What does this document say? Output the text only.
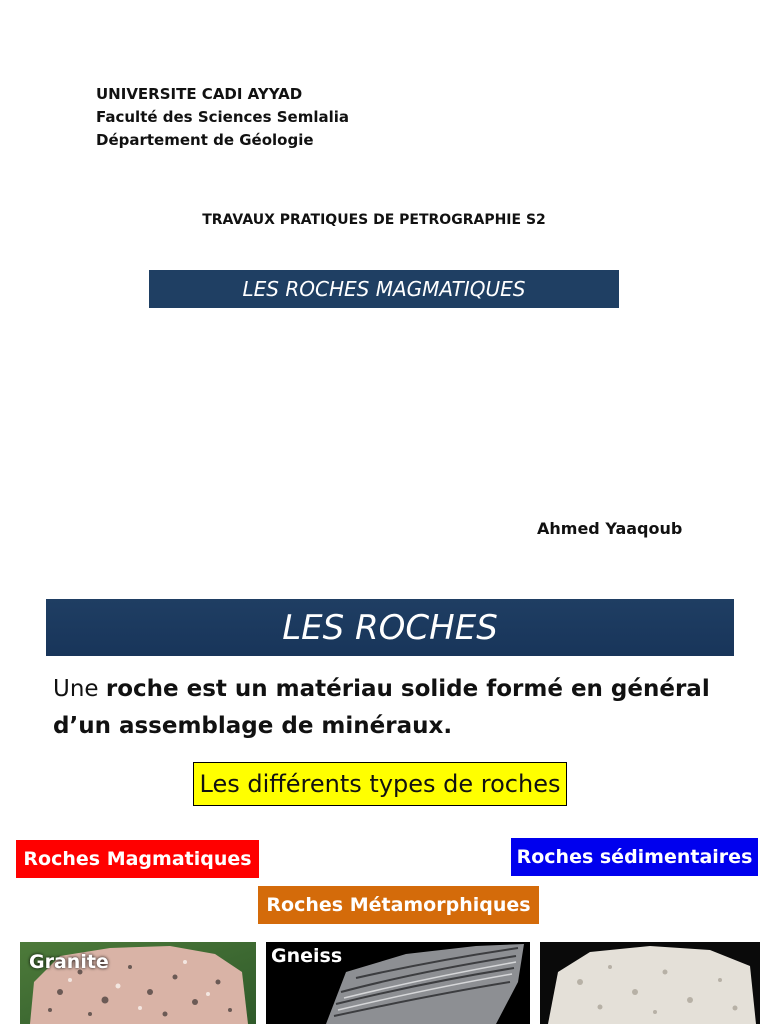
UNIVERSITE CADI AYYAD
Faculté des Sciences Semlalia
Département de Géologie
TRAVAUX PRATIQUES DE PETROGRAPHIE S2
LES ROCHES MAGMATIQUES
Ahmed Yaaqoub
LES ROCHES
Une roche est un matériau solide formé en général d’un assemblage de minéraux.
Les différents types de roches
Roches Magmatiques	Roches sédimentaires
Roches Métamorphiques
Granite	Gneiss
